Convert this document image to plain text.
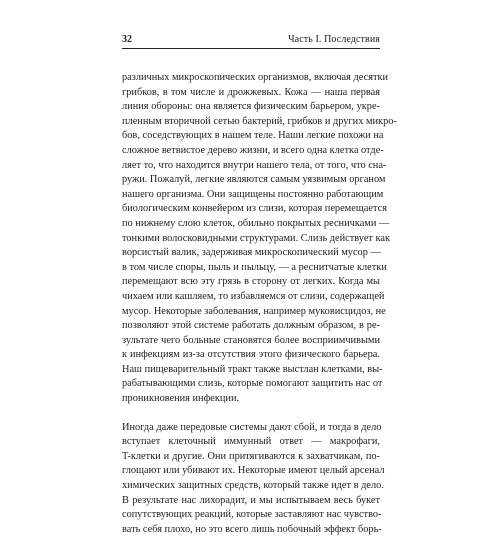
32	Часть I. Последствия
различных микроскопических организмов, включая десятки
грибков, в том числе и дрожжевых. Кожа — наша первая
линия обороны: она является физическим барьером, укре-
пленным вторичной сетью бактерий, грибков и других микро-
бов, соседствующих в нашем теле. Наши легкие похожи на
сложное ветвистое дерево жизни, и всего одна клетка отде-
ляет то, что находится внутри нашего тела, от того, что сна-
ружи. Пожалуй, легкие являются самым уязвимым органом
нашего организма. Они защищены постоянно работающим
биологическим конвейером из слизи, которая перемещается
по нижнему слою клеток, обильно покрытых ресничками —
тонкими волосковидными структурами. Слизь действует как
ворсистый валик, задерживая микроскопический мусор —
в том числе споры, пыль и пыльцу, — а реснитчатые клетки
перемещают всю эту грязь в сторону от легких. Когда мы
чихаем или кашляем, то избавляемся от слизи, содержащей
мусор. Некоторые заболевания, например муковисцидоз, не
позволяют этой системе работать должным образом, в ре-
зультате чего больные становятся более восприимчивыми
к инфекциям из-за отсутствия этого физического барьера.
Наш пищеварительный тракт также выстлан клетками, вы-
рабатывающими слизь, которые помогают защитить нас от
проникновения инфекции.
Иногда даже передовые системы дают сбой, и тогда в дело
вступает клеточный иммунный ответ — макрофаги,
T-клетки и другие. Они притягиваются к захватчикам, по-
глощают или убивают их. Некоторые имеют целый арсенал
химических защитных средств, который также идет в дело.
В результате нас лихорадит, и мы испытываем весь букет
сопутствующих реакций, которые заставляют нас чувство-
вать себя плохо, но это всего лишь побочный эффект борь-
